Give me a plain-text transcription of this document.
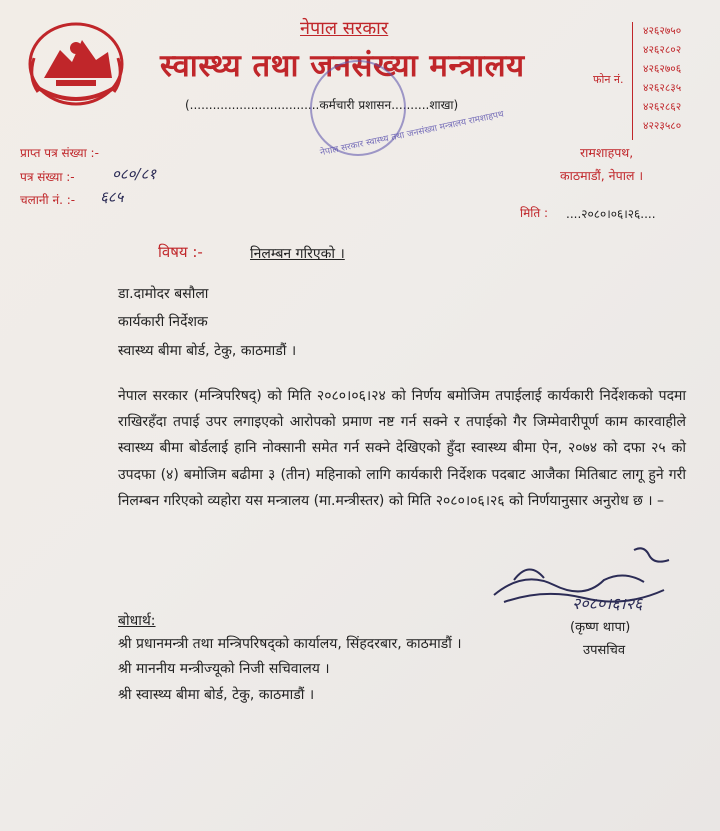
नेपाल सरकार
स्वास्थ्य तथा जनसंख्या मन्त्रालय
(..................................कर्मचारी प्रशासन..........शाखा)
नेपाल सरकार स्वास्थ्य तथा जनसंख्या मन्त्रालय रामशाहपथ
फोन नं.
४२६२७५०
४२६२८०२
४२६२७०६
४२६२८३५
४२६२८६२
४२२३५८०
प्राप्त पत्र संख्या :-
पत्र संख्या :- ०८०/८१
चलानी नं. :- ६८५
रामशाहपथ,
काठमाडौं, नेपाल ।
मिति : ....२०८०।०६।२६....
विषय :-	निलम्बन गरिएको ।
डा.दामोदर बसौला
कार्यकारी निर्देशक
स्वास्थ्य बीमा बोर्ड, टेकु, काठमाडौं ।
नेपाल सरकार (मन्त्रिपरिषद्) को मिति २०८०।०६।२४ को निर्णय बमोजिम तपाईलाई कार्यकारी निर्देशकको पदमा राखिरहँदा तपाई उपर लगाइएको आरोपको प्रमाण नष्ट गर्न सक्ने र तपाईको गैर जिम्मेवारीपूर्ण काम कारवाहीले स्वास्थ्य बीमा बोर्डलाई हानि नोक्सानी समेत गर्न सक्ने देखिएको हुँदा स्वास्थ्य बीमा ऐन, २०७४ को दफा २५ को उपदफा (४) बमोजिम बढीमा ३ (तीन) महिनाको लागि कार्यकारी निर्देशक पदबाट आजैका मितिबाट लागू हुने गरी निलम्बन गरिएको व्यहोरा यस मन्त्रालय (मा.मन्त्रीस्तर) को मिति २०८०।०६।२६ को निर्णयानुसार अनुरोध छ । –
२०८०।६।२६
(कृष्ण थापा)
उपसचिव
बोधार्थ:
श्री प्रधानमन्त्री तथा मन्त्रिपरिषद्को कार्यालय, सिंहदरबार, काठमाडौं ।
श्री माननीय मन्त्रीज्यूको निजी सचिवालय ।
श्री स्वास्थ्य बीमा बोर्ड, टेकु, काठमाडौं ।
